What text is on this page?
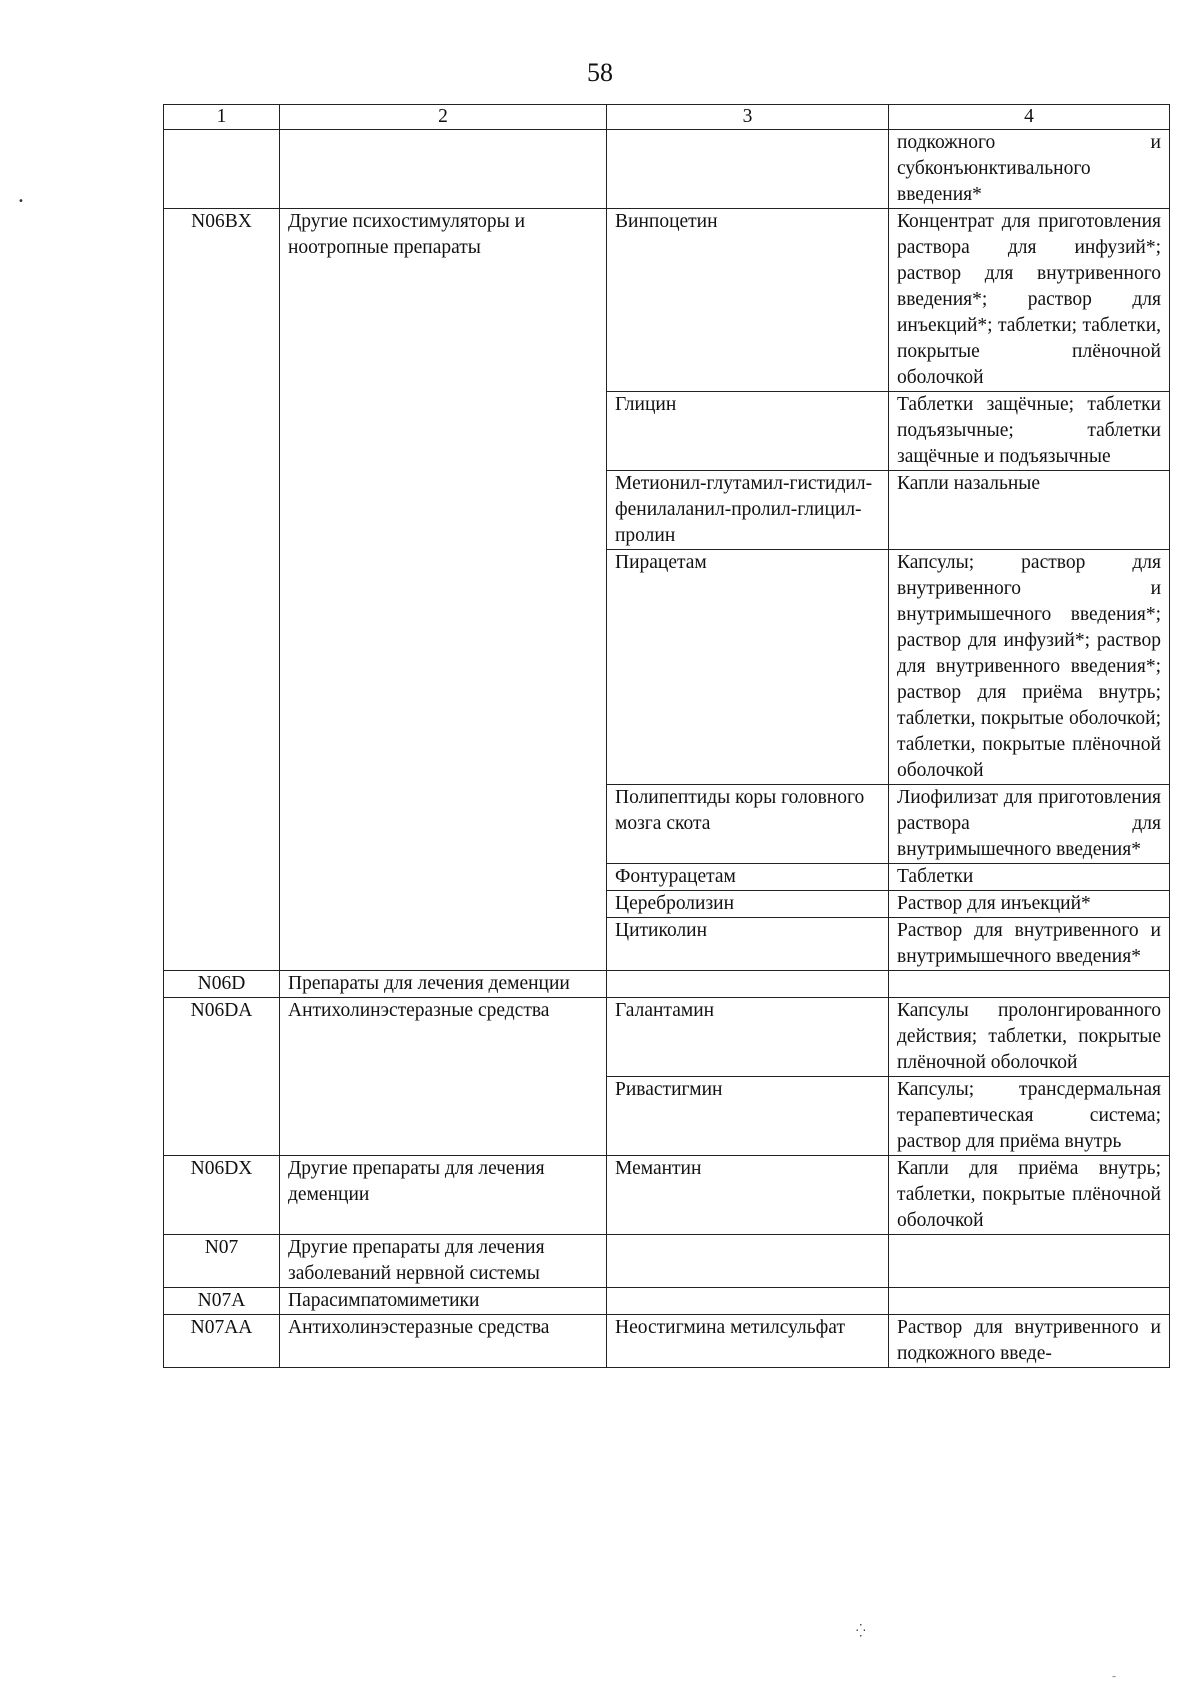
58
1	2	3	4
			подкожного и субконъюнктивального введения*
N06BX	Другие психостимуляторы и ноотропные препараты	Винпоцетин	Концентрат для приготовления раствора для инфузий*; раствор для внутривенного введения*; раствор для инъекций*; таблетки; таблетки, покрытые плёночной оболочкой
		Глицин	Таблетки защёчные; таблетки подъязычные; таблетки защёчные и подъязычные
		Метионил-глутамил-гистидил-фенилаланил-пролил-глицил-пролин	Капли назальные
		Пирацетам	Капсулы; раствор для внутривенного и внутримышечного введения*; раствор для инфузий*; раствор для внутривенного введения*; раствор для приёма внутрь; таблетки, покрытые оболочкой; таблетки, покрытые плёночной оболочкой
		Полипептиды коры головного мозга скота	Лиофилизат для приготовления раствора для внутримышечного введения*
		Фонтурацетам	Таблетки
		Церебролизин	Раствор для инъекций*
		Цитиколин	Раствор для внутривенного и внутримышечного введения*
N06D	Препараты для лечения деменции		
N06DA	Антихолинэстеразные средства	Галантамин	Капсулы пролонгированного действия; таблетки, покрытые плёночной оболочкой
		Ривастигмин	Капсулы; трансдермальная терапевтическая система; раствор для приёма внутрь
N06DX	Другие препараты для лечения деменции	Мемантин	Капли для приёма внутрь; таблетки, покрытые плёночной оболочкой
N07	Другие препараты для лечения заболеваний нервной системы		
N07A	Парасимпатомиметики		
N07AA	Антихолинэстеразные средства	Неостигмина метилсульфат	Раствор для внутривенного и подкожного введе-
•
⁛
–
